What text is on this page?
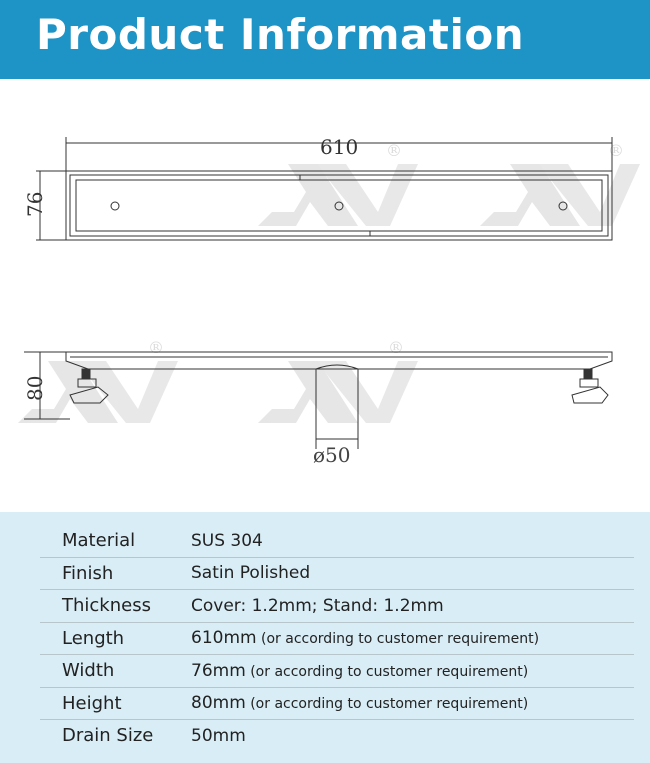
Product Information
®	®
®	®
610
76
80
ø50
Material	SUS 304
Finish	Satin Polished
Thickness Cover: 1.2mm; Stand: 1.2mm
Length	610mm (or according to customer requirement)
Width	76mm (or according to customer requirement)
Height	80mm (or according to customer requirement)
Drain Size 50mm
